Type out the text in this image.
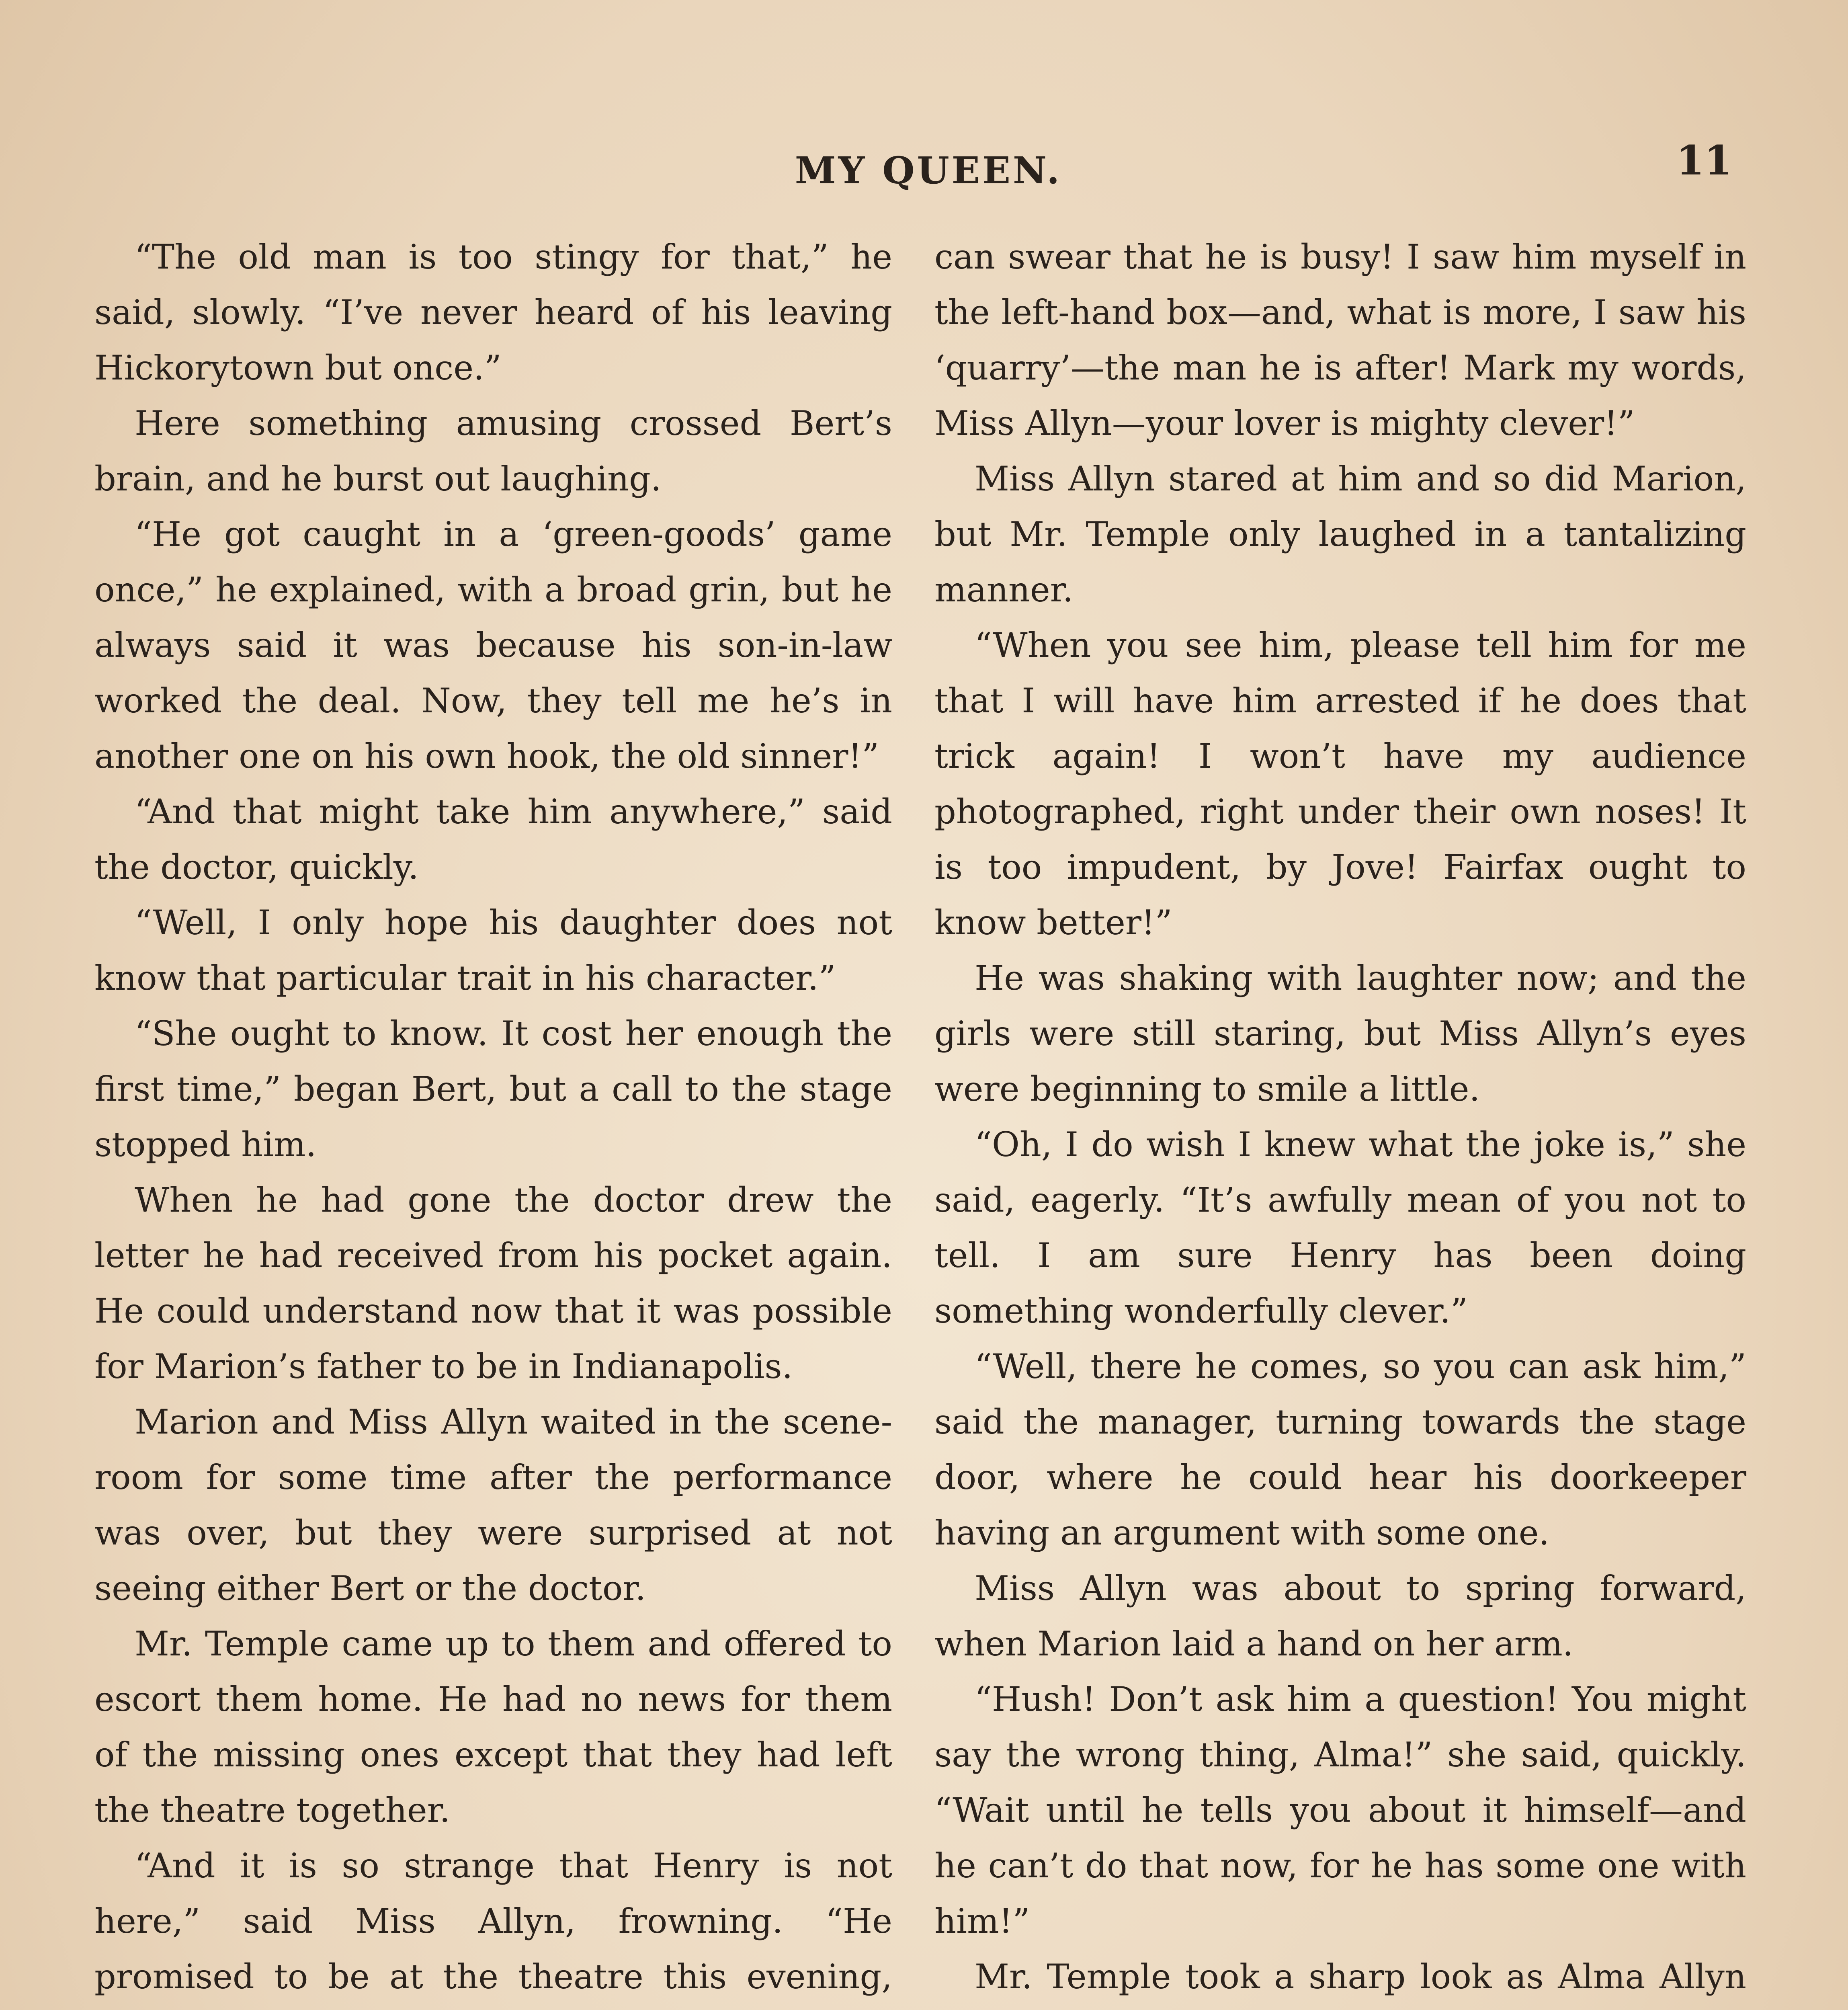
MY QUEEN.	11

“The old man is too stingy for that,” he said, slowly. “I’ve never heard of his leaving Hickorytown but once.”

Here something amusing crossed Bert’s brain, and he burst out laughing.

“He got caught in a ‘green-goods’ game once,” he explained, with a broad grin, but he always said it was because his son-in-law worked the deal. Now, they tell me he’s in another one on his own hook, the old sinner!”

“And that might take him anywhere,” said the doctor, quickly.

“Well, I only hope his daughter does not know that particular trait in his character.”

“She ought to know. It cost her enough the first time,” began Bert, but a call to the stage stopped him.

When he had gone the doctor drew the letter he had received from his pocket again. He could understand now that it was possible for Marion’s father to be in Indianapolis.

Marion and Miss Allyn waited in the scene-room for some time after the performance was over, but they were surprised at not seeing either Bert or the doctor.

Mr. Temple came up to them and offered to escort them home. He had no news for them of the missing ones except that they had left the theatre together.

“And it is so strange that Henry is not here,” said Miss Allyn, frowning. “He promised to be at the theatre this evening,

can swear that he is busy! I saw him myself in the left-hand box—and, what is more, I saw his ‘quarry’—the man he is after! Mark my words, Miss Allyn—your lover is mighty clever!”

Miss Allyn stared at him and so did Marion, but Mr. Temple only laughed in a tantalizing manner.

“When you see him, please tell him for me that I will have him arrested if he does that trick again! I won’t have my audience photographed, right under their own noses! It is too impudent, by Jove! Fairfax ought to know better!”

He was shaking with laughter now; and the girls were still staring, but Miss Allyn’s eyes were beginning to smile a little.

“Oh, I do wish I knew what the joke is,” she said, eagerly. “It’s awfully mean of you not to tell. I am sure Henry has been doing something wonderfully clever.”

“Well, there he comes, so you can ask him,” said the manager, turning towards the stage door, where he could hear his doorkeeper having an argument with some one.

Miss Allyn was about to spring forward, when Marion laid a hand on her arm.

“Hush! Don’t ask him a question! You might say the wrong thing, Alma!” she said, quickly. “Wait until he tells you about it himself—and he can’t do that now, for he has some one with him!”

Mr. Temple took a sharp look as Alma Allyn
